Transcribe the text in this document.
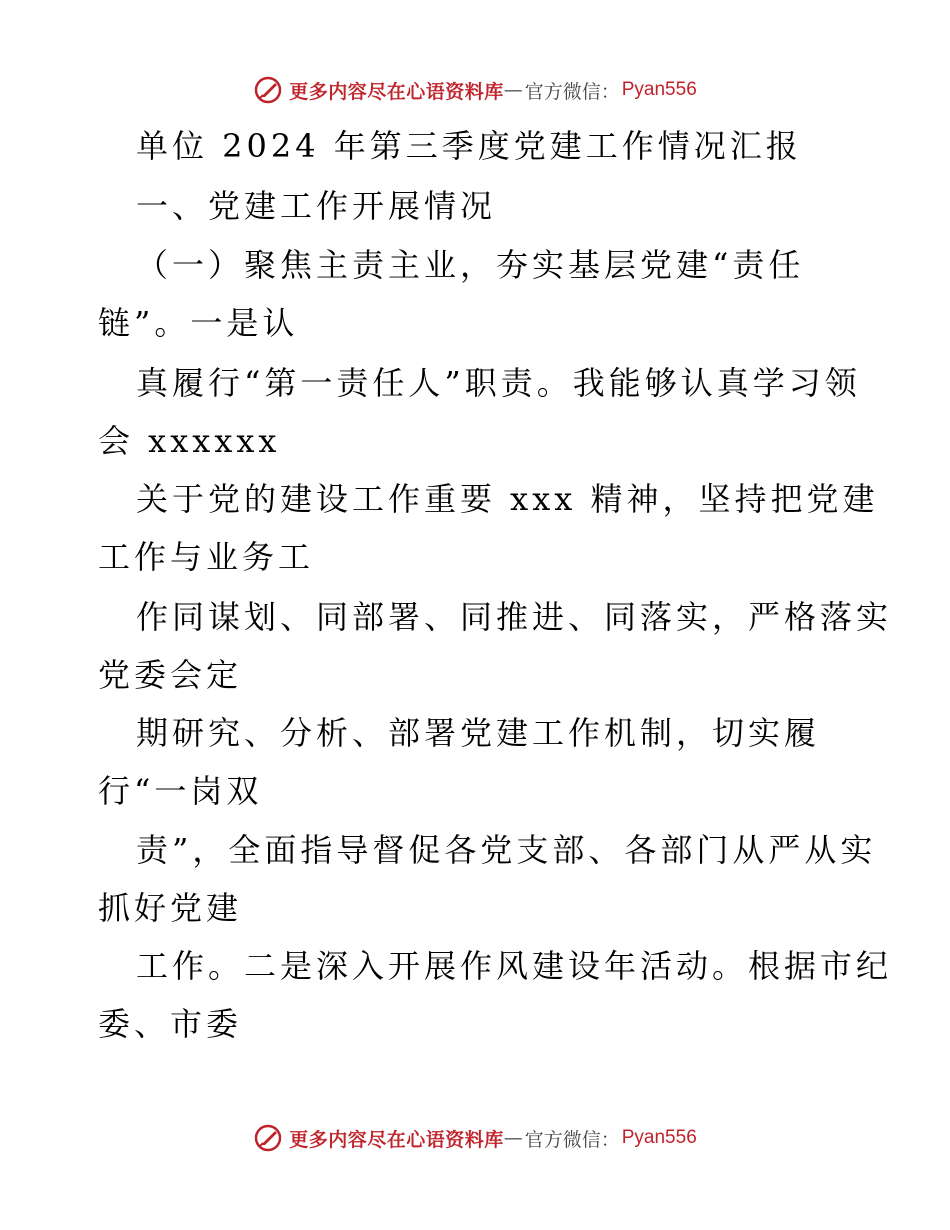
更多内容尽在心语资料库 — 官方微信： Pyan556
单位 2024 年第三季度党建工作情况汇报
一、党建工作开展情况
（一）聚焦主责主业，夯实基层党建“责任
链”。一是认
真履行“第一责任人”职责。我能够认真学习领
会 xxxxxx
关于党的建设工作重要 xxx 精神，坚持把党建
工作与业务工
作同谋划、同部署、同推进、同落实，严格落实
党委会定
期研究、分析、部署党建工作机制，切实履
行“一岗双
责”，全面指导督促各党支部、各部门从严从实
抓好党建
工作。二是深入开展作风建设年活动。根据市纪
委、市委
更多内容尽在心语资料库 — 官方微信： Pyan556
